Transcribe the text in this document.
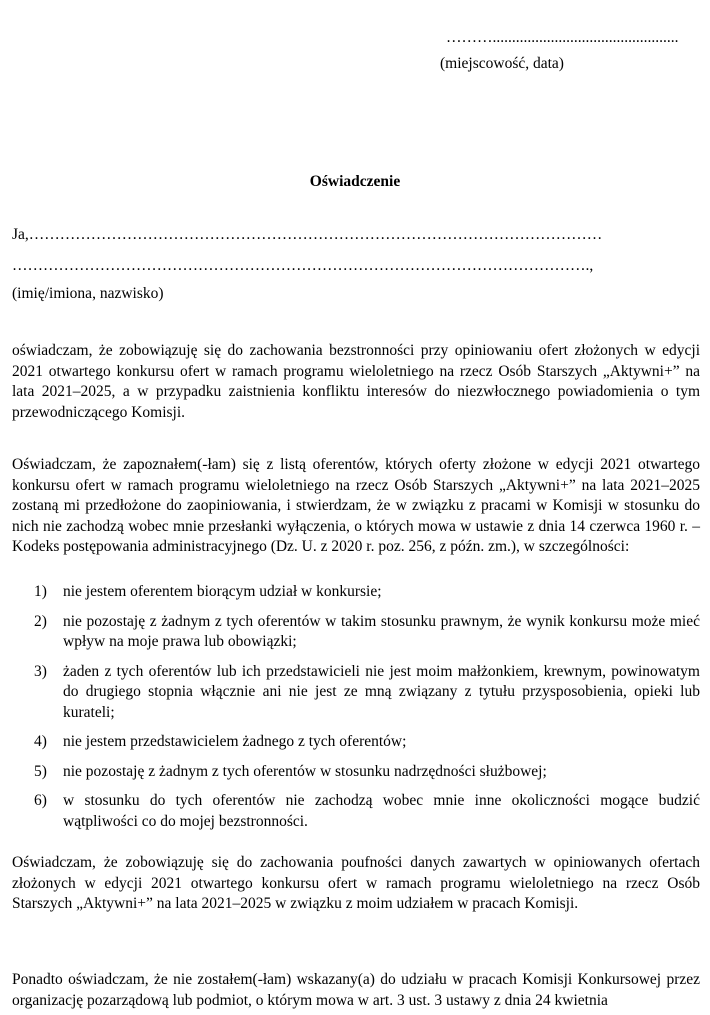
………................................................
(miejscowość, data)
Oświadczenie
Ja,…………………………………………………………………………………………………
………………………………………………………………………………………………….,
(imię/imiona, nazwisko)
oświadczam, że zobowiązuję się do zachowania bezstronności przy opiniowaniu ofert złożonych w edycji 2021 otwartego konkursu ofert w ramach programu wieloletniego na rzecz Osób Starszych „Aktywni+” na lata 2021–2025, a w przypadku zaistnienia konfliktu interesów do niezwłocznego powiadomienia o tym przewodniczącego Komisji.
Oświadczam, że zapoznałem(-łam) się z listą oferentów, których oferty złożone w edycji 2021 otwartego konkursu ofert w ramach programu wieloletniego na rzecz Osób Starszych „Aktywni+” na lata 2021–2025 zostaną mi przedłożone do zaopiniowania, i stwierdzam, że w związku z pracami w Komisji w stosunku do nich nie zachodzą wobec mnie przesłanki wyłączenia, o których mowa w ustawie z dnia 14 czerwca 1960 r. – Kodeks postępowania administracyjnego (Dz. U. z 2020 r. poz. 256, z późn. zm.), w szczególności:
1) nie jestem oferentem biorącym udział w konkursie;
2) nie pozostaję z żadnym z tych oferentów w takim stosunku prawnym, że wynik konkursu może mieć wpływ na moje prawa lub obowiązki;
3) żaden z tych oferentów lub ich przedstawicieli nie jest moim małżonkiem, krewnym, powinowatym do drugiego stopnia włącznie ani nie jest ze mną związany z tytułu przysposobienia, opieki lub kurateli;
4) nie jestem przedstawicielem żadnego z tych oferentów;
5) nie pozostaję z żadnym z tych oferentów w stosunku nadrzędności służbowej;
6) w stosunku do tych oferentów nie zachodzą wobec mnie inne okoliczności mogące budzić wątpliwości co do mojej bezstronności.
Oświadczam, że zobowiązuję się do zachowania poufności danych zawartych w opiniowanych ofertach złożonych w edycji 2021 otwartego konkursu ofert w ramach programu wieloletniego na rzecz Osób Starszych „Aktywni+” na lata 2021–2025 w związku z moim udziałem w pracach Komisji.
Ponadto oświadczam, że nie zostałem(-łam) wskazany(a) do udziału w pracach Komisji Konkursowej przez organizację pozarządową lub podmiot, o którym mowa w art. 3 ust. 3 ustawy z dnia 24 kwietnia
